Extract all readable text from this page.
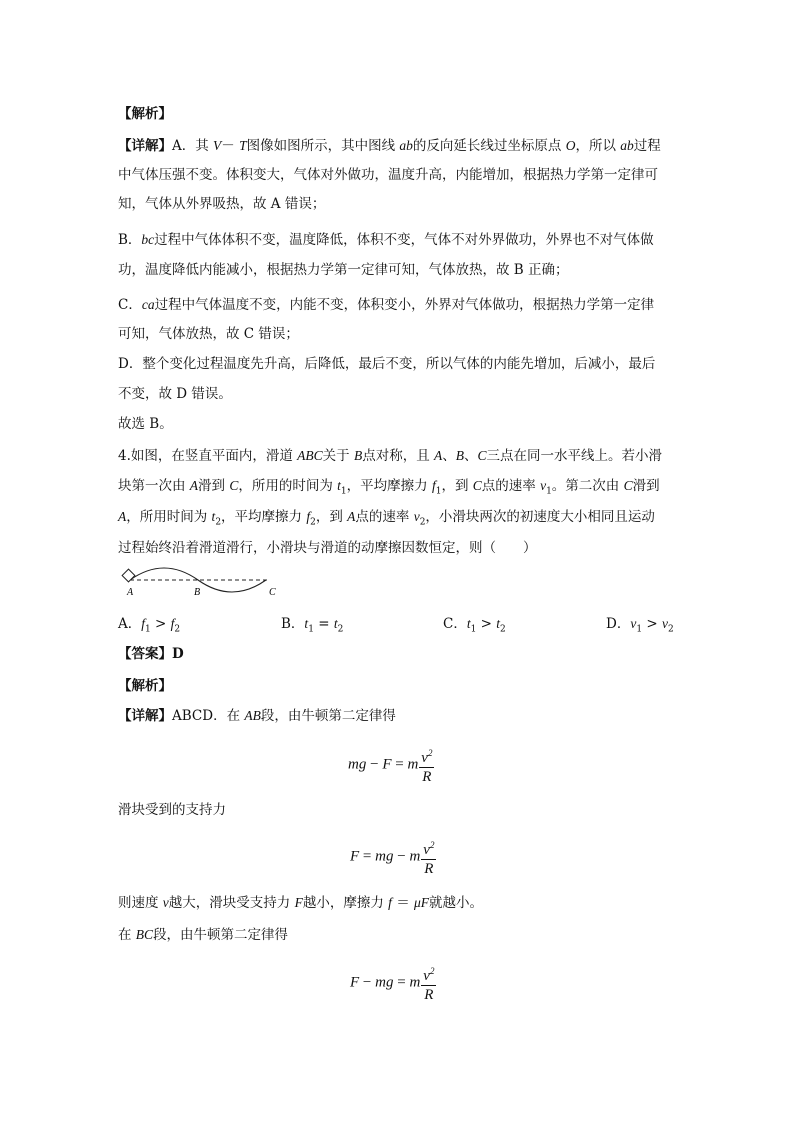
【解析】
【详解】A．其 V－ T图像如图所示，其中图线 ab的反向延长线过坐标原点 O，所以 ab过程
中气体压强不变。体积变大，气体对外做功，温度升高，内能增加，根据热力学第一定律可
知，气体从外界吸热，故 A 错误；
B．bc过程中气体体积不变，温度降低，体积不变，气体不对外界做功，外界也不对气体做
功，温度降低内能减小，根据热力学第一定律可知，气体放热，故 B 正确；
C．ca过程中气体温度不变，内能不变，体积变小，外界对气体做功，根据热力学第一定律
可知，气体放热，故 C 错误；
D．整个变化过程温度先升高，后降低，最后不变，所以气体的内能先增加，后减小，最后
不变，故 D 错误。
故选 B。
4.如图，在竖直平面内，滑道 ABC关于 B点对称，且 A、B、C三点在同一水平线上。若小滑
块第一次由 A滑到 C，所用的时间为 $t_1$，平均摩擦力 $f_1$，到 C点的速率 $v_1$。第二次由 C滑到
A，所用时间为 $t_2$，平均摩擦力 $f_2$，到 A点的速率 $v_2$，小滑块两次的初速度大小相同且运动
过程始终沿着滑道滑行，小滑块与滑道的动摩擦因数恒定，则（　　）
A	B	C
A．$f_1 > f_2$	B．$t_1 = t_2$	C．$t_1 > t_2$	D．$v_1 > v_2$
【答案】D
【解析】
【详解】ABCD．在 AB段，由牛顿第二定律得
mg − F = m $\frac{v^2}{R}$
滑块受到的支持力
F = mg − m $\frac{v^2}{R}$
则速度 v越大，滑块受支持力 F越小，摩擦力 f ＝ μF就越小。
在 BC段，由牛顿第二定律得
F − mg = m $\frac{v^2}{R}$
